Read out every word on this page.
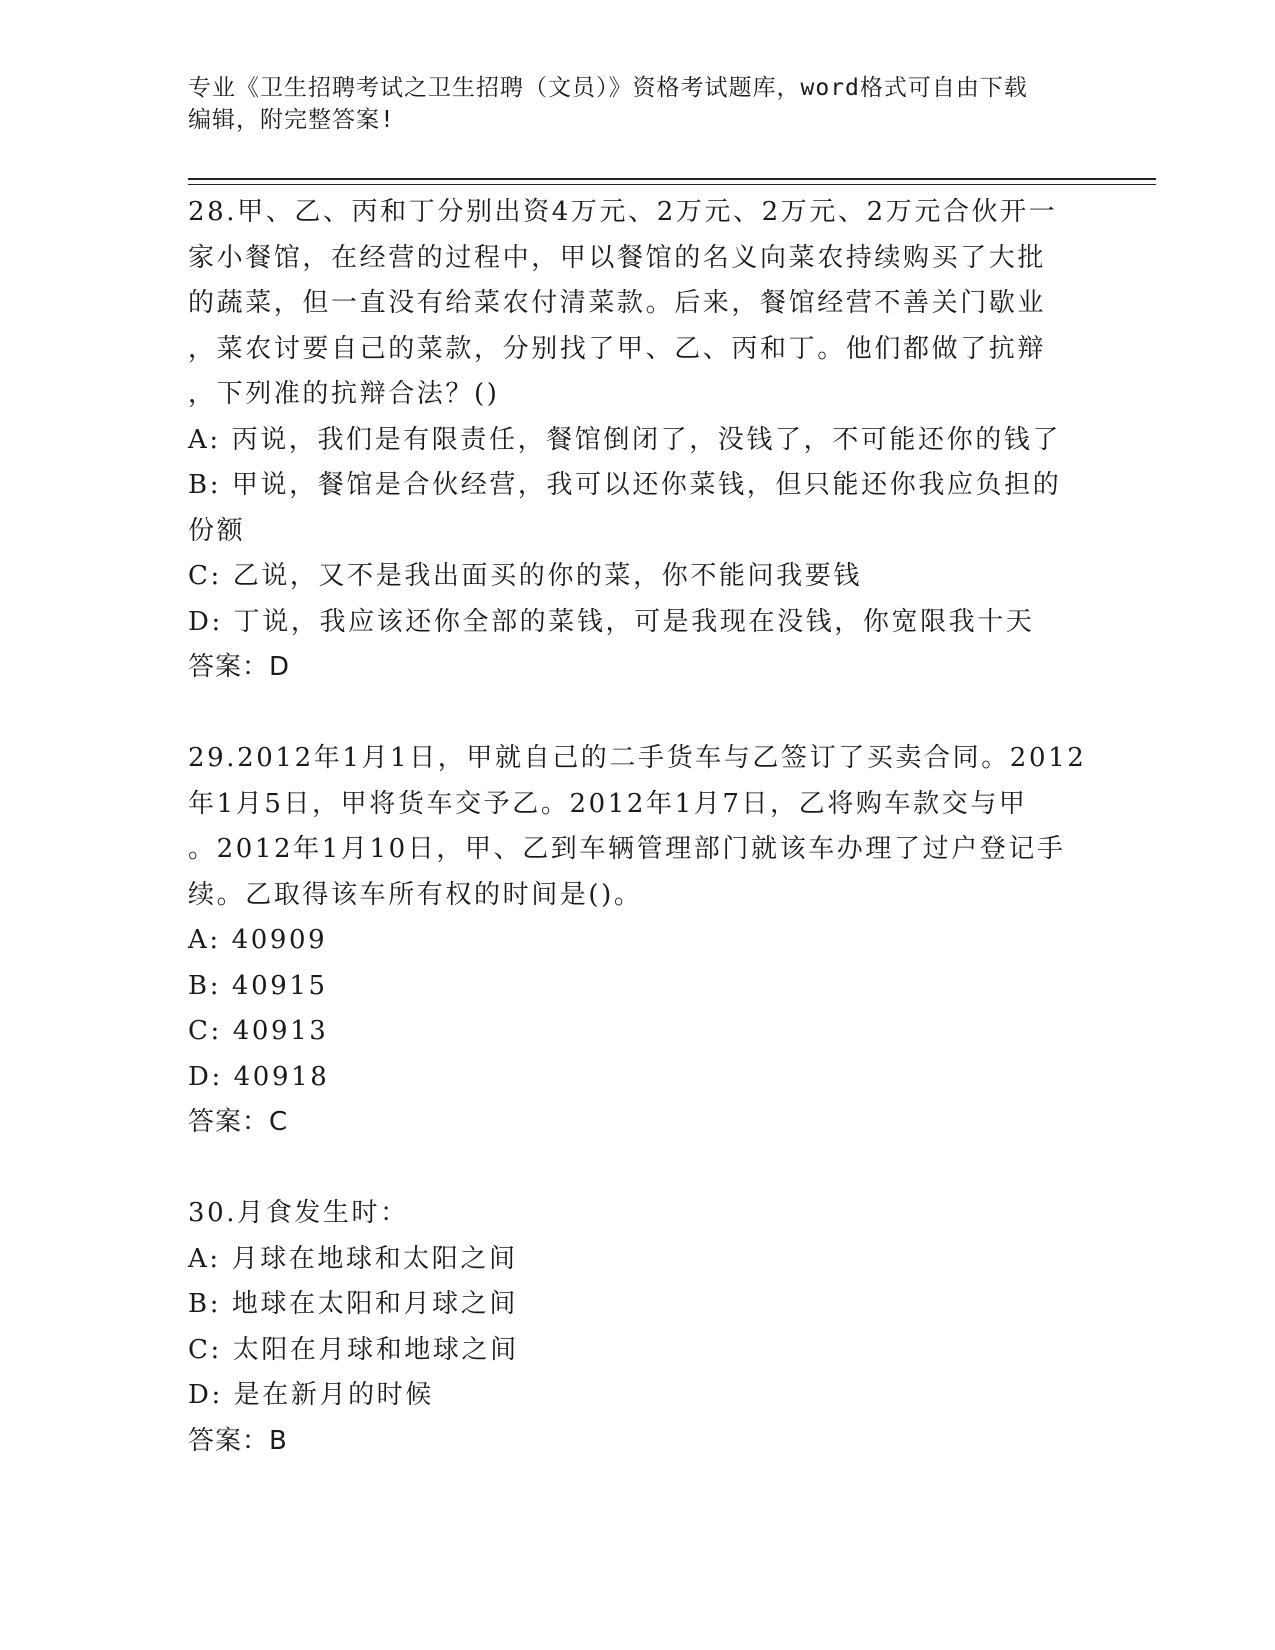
专业《卫生招聘考试之卫生招聘（文员）》资格考试题库，word格式可自由下载
编辑，附完整答案!
28.甲、乙、丙和丁分别出资4万元、2万元、2万元、2万元合伙开一
家小餐馆，在经营的过程中，甲以餐馆的名义向菜农持续购买了大批
的蔬菜，但一直没有给菜农付清菜款。后来，餐馆经营不善关门歇业
，菜农讨要自己的菜款，分别找了甲、乙、丙和丁。他们都做了抗辩
，下列准的抗辩合法？()
A: 丙说，我们是有限责任，餐馆倒闭了，没钱了，不可能还你的钱了
B: 甲说，餐馆是合伙经营，我可以还你菜钱，但只能还你我应负担的
份额
C: 乙说，又不是我出面买的你的菜，你不能问我要钱
D: 丁说，我应该还你全部的菜钱，可是我现在没钱，你宽限我十天
答案：D
29.2012年1月1日，甲就自己的二手货车与乙签订了买卖合同。2012
年1月5日，甲将货车交予乙。2012年1月7日，乙将购车款交与甲
。2012年1月10日，甲、乙到车辆管理部门就该车办理了过户登记手
续。乙取得该车所有权的时间是()。
A: 40909
B: 40915
C: 40913
D: 40918
答案：C
30.月食发生时：
A: 月球在地球和太阳之间
B: 地球在太阳和月球之间
C: 太阳在月球和地球之间
D: 是在新月的时候
答案：B
